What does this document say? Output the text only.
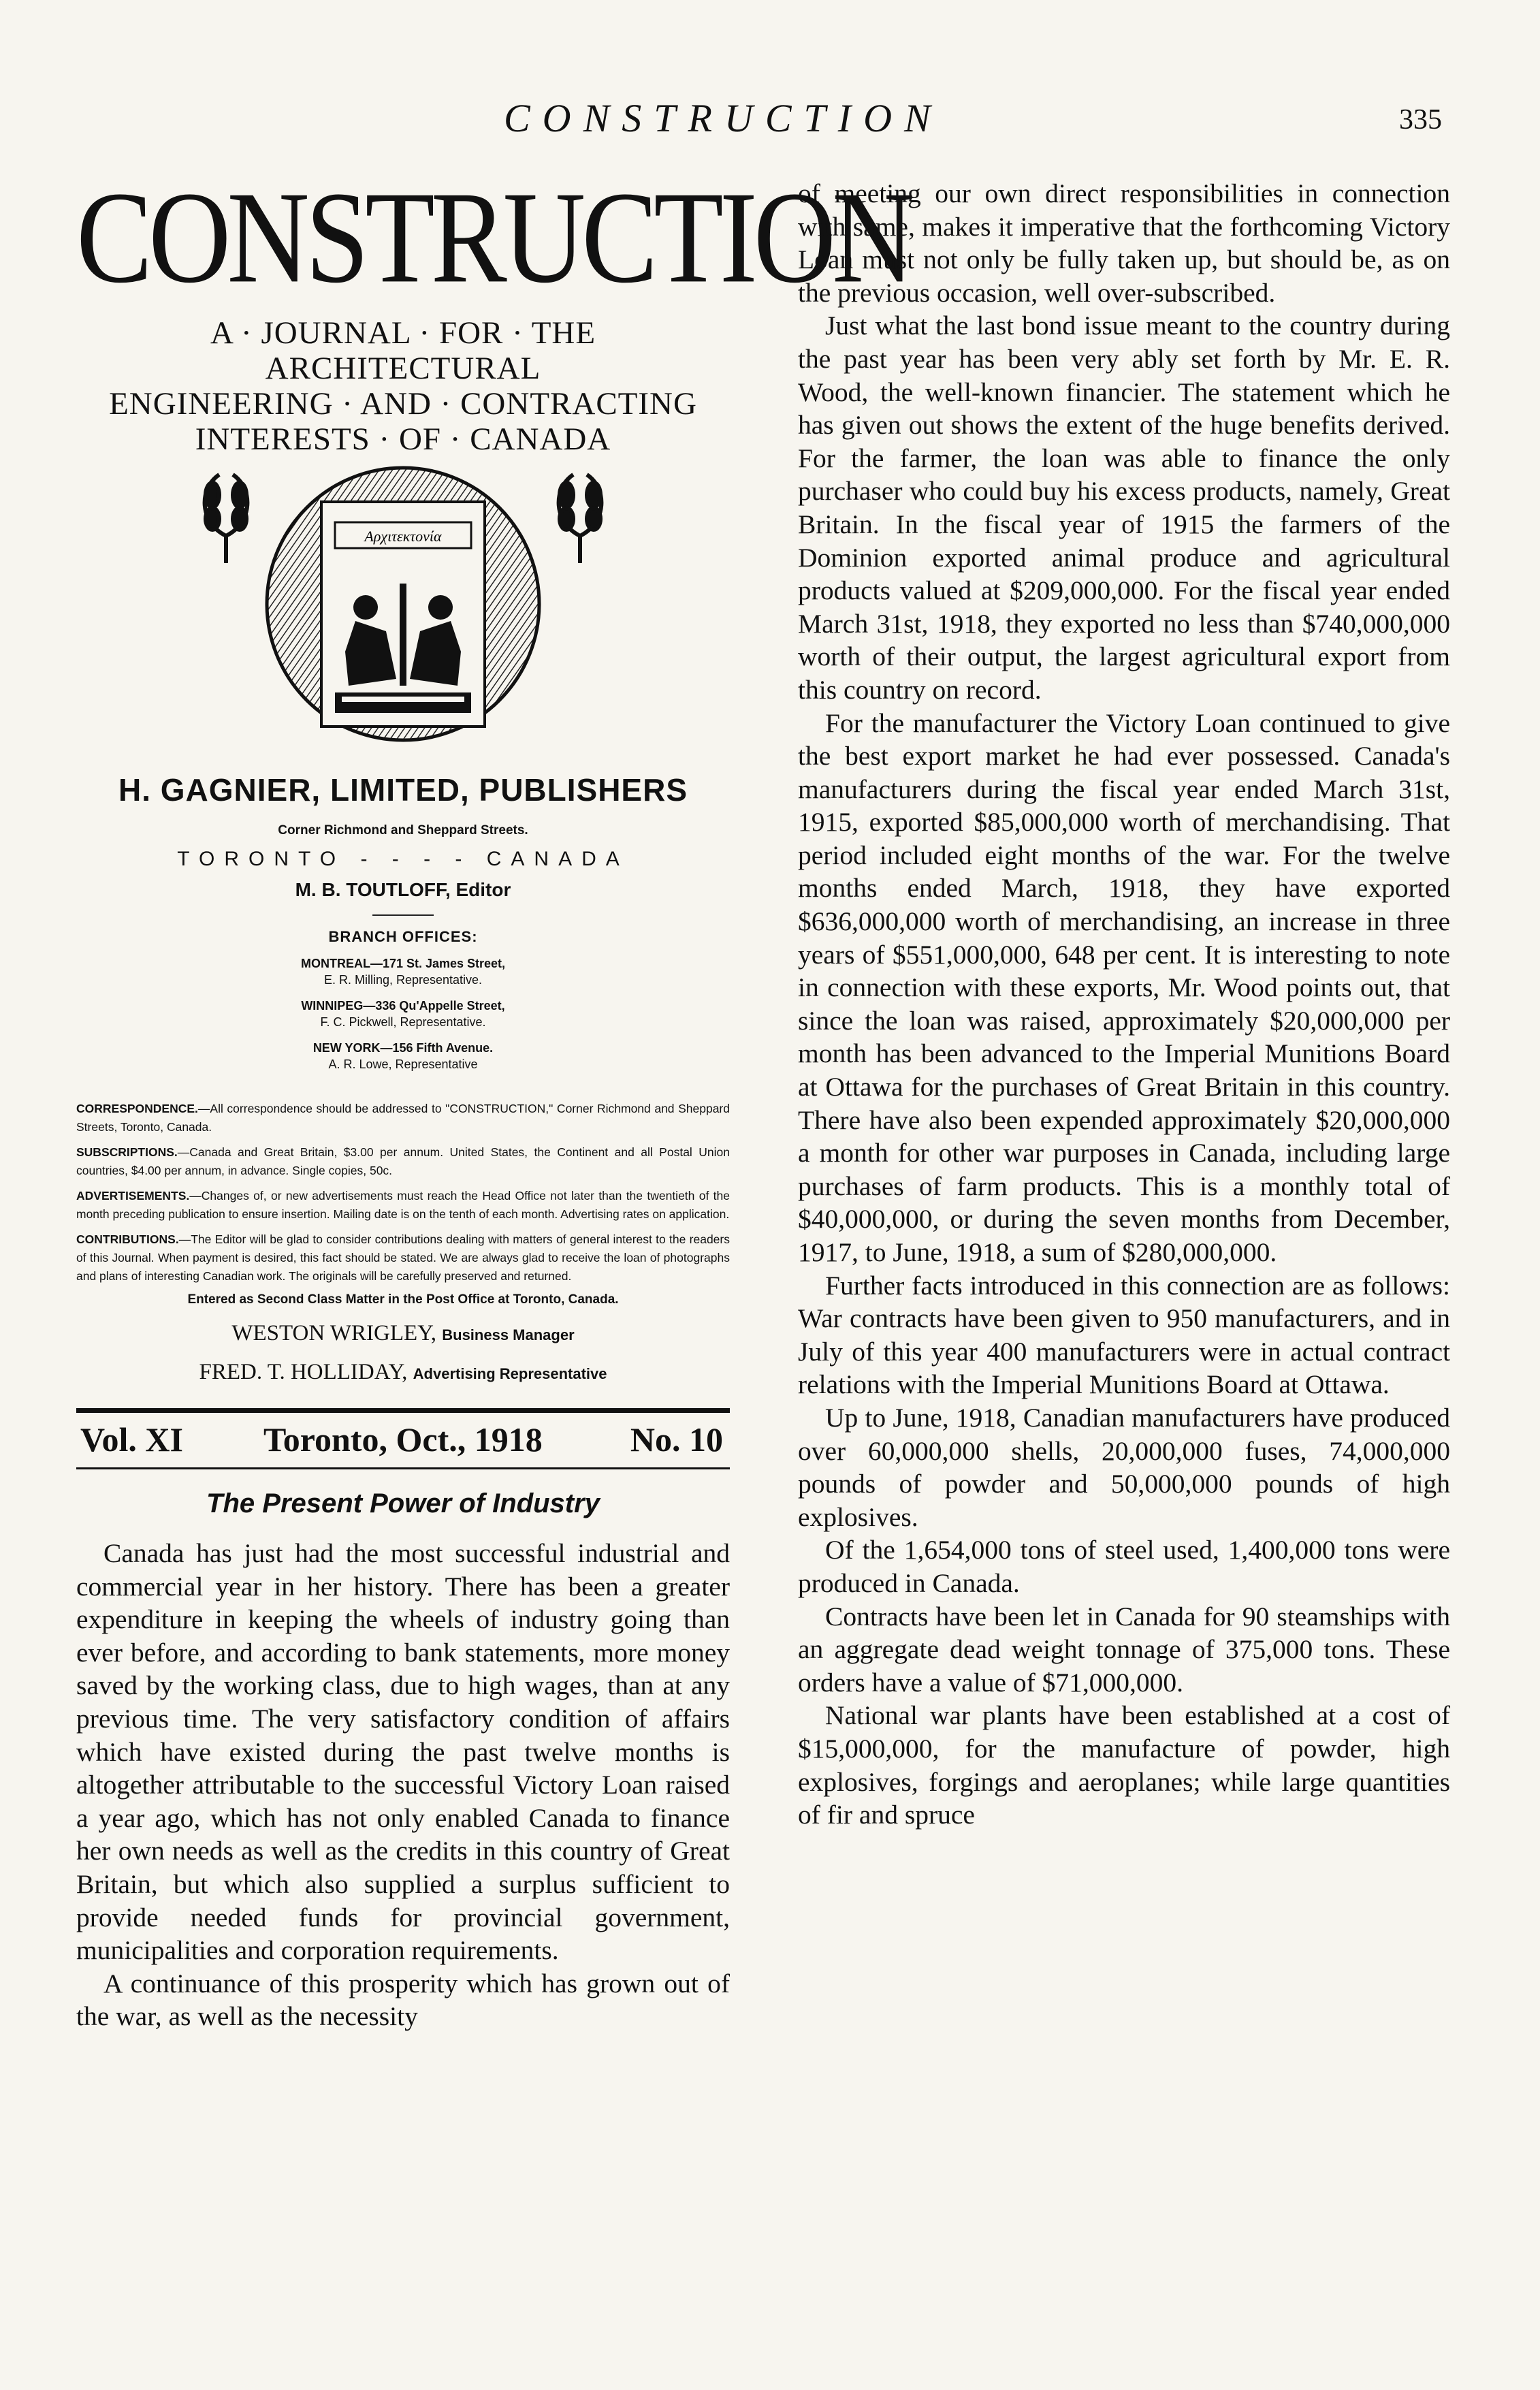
CONSTRUCTION	335
CONSTRUCTION
A · JOURNAL · FOR · THE ARCHITECTURAL
ENGINEERING · AND · CONTRACTING
INTERESTS · OF · CANADA
Αρχιτεκτονία
H. GAGNIER, LIMITED, PUBLISHERS
Corner Richmond and Sheppard Streets.
TORONTO - - - - CANADA
M. B. TOUTLOFF, Editor
BRANCH OFFICES:
MONTREAL—171 St. James Street,
E. R. Milling, Representative.
WINNIPEG—336 Qu'Appelle Street,
F. C. Pickwell, Representative.
NEW YORK—156 Fifth Avenue.
A. R. Lowe, Representative
CORRESPONDENCE.—All correspondence should be addressed to "CONSTRUCTION," Corner Richmond and Sheppard Streets, Toronto, Canada.
SUBSCRIPTIONS.—Canada and Great Britain, $3.00 per annum. United States, the Continent and all Postal Union countries, $4.00 per annum, in advance. Single copies, 50c.
ADVERTISEMENTS.—Changes of, or new advertisements must reach the Head Office not later than the twentieth of the month preceding publication to ensure insertion. Mailing date is on the tenth of each month. Advertising rates on application.
CONTRIBUTIONS.—The Editor will be glad to consider contributions dealing with matters of general interest to the readers of this Journal. When payment is desired, this fact should be stated. We are always glad to receive the loan of photographs and plans of interesting Canadian work. The originals will be carefully preserved and returned.
Entered as Second Class Matter in the Post Office at Toronto, Canada.
WESTON WRIGLEY, Business Manager
FRED. T. HOLLIDAY, Advertising Representative
Vol. XI Toronto, Oct., 1918	No. 10
The Present Power of Industry

Canada has just had the most successful industrial and commercial year in her history. There has been a greater expenditure in keeping the wheels of industry going than ever before, and according to bank statements, more money saved by the working class, due to high wages, than at any previous time. The very satisfactory condition of affairs which have existed during the past twelve months is altogether attributable to the successful Victory Loan raised a year ago, which has not only enabled Canada to finance her own needs as well as the credits in this country of Great Britain, but which also supplied a surplus sufficient to provide needed funds for provincial government, municipalities and corporation requirements.

A continuance of this prosperity which has grown out of the war, as well as the necessity

of meeting our own direct responsibilities in connection with same, makes it imperative that the forthcoming Victory Loan must not only be fully taken up, but should be, as on the previous occasion, well over-subscribed.

Just what the last bond issue meant to the country during the past year has been very ably set forth by Mr. E. R. Wood, the well-known financier. The statement which he has given out shows the extent of the huge benefits derived. For the farmer, the loan was able to finance the only purchaser who could buy his excess products, namely, Great Britain. In the fiscal year of 1915 the farmers of the Dominion exported animal produce and agricultural products valued at $209,000,000. For the fiscal year ended March 31st, 1918, they exported no less than $740,000,000 worth of their output, the largest agricultural export from this country on record.

For the manufacturer the Victory Loan continued to give the best export market he had ever possessed. Canada's manufacturers during the fiscal year ended March 31st, 1915, exported $85,000,000 worth of merchandising. That period included eight months of the war. For the twelve months ended March, 1918, they have exported $636,000,000 worth of merchandising, an increase in three years of $551,000,000, 648 per cent. It is interesting to note in connection with these exports, Mr. Wood points out, that since the loan was raised, approximately $20,000,000 per month has been advanced to the Imperial Munitions Board at Ottawa for the purchases of Great Britain in this country. There have also been expended approximately $20,000,000 a month for other war purposes in Canada, including large purchases of farm products. This is a monthly total of $40,000,000, or during the seven months from December, 1917, to June, 1918, a sum of $280,000,000.

Further facts introduced in this connection are as follows: War contracts have been given to 950 manufacturers, and in July of this year 400 manufacturers were in actual contract relations with the Imperial Munitions Board at Ottawa.

Up to June, 1918, Canadian manufacturers have produced over 60,000,000 shells, 20,000,000 fuses, 74,000,000 pounds of powder and 50,000,000 pounds of high explosives.

Of the 1,654,000 tons of steel used, 1,400,000 tons were produced in Canada.

Contracts have been let in Canada for 90 steamships with an aggregate dead weight tonnage of 375,000 tons. These orders have a value of $71,000,000.

National war plants have been established at a cost of $15,000,000, for the manufacture of powder, high explosives, forgings and aeroplanes; while large quantities of fir and spruce
